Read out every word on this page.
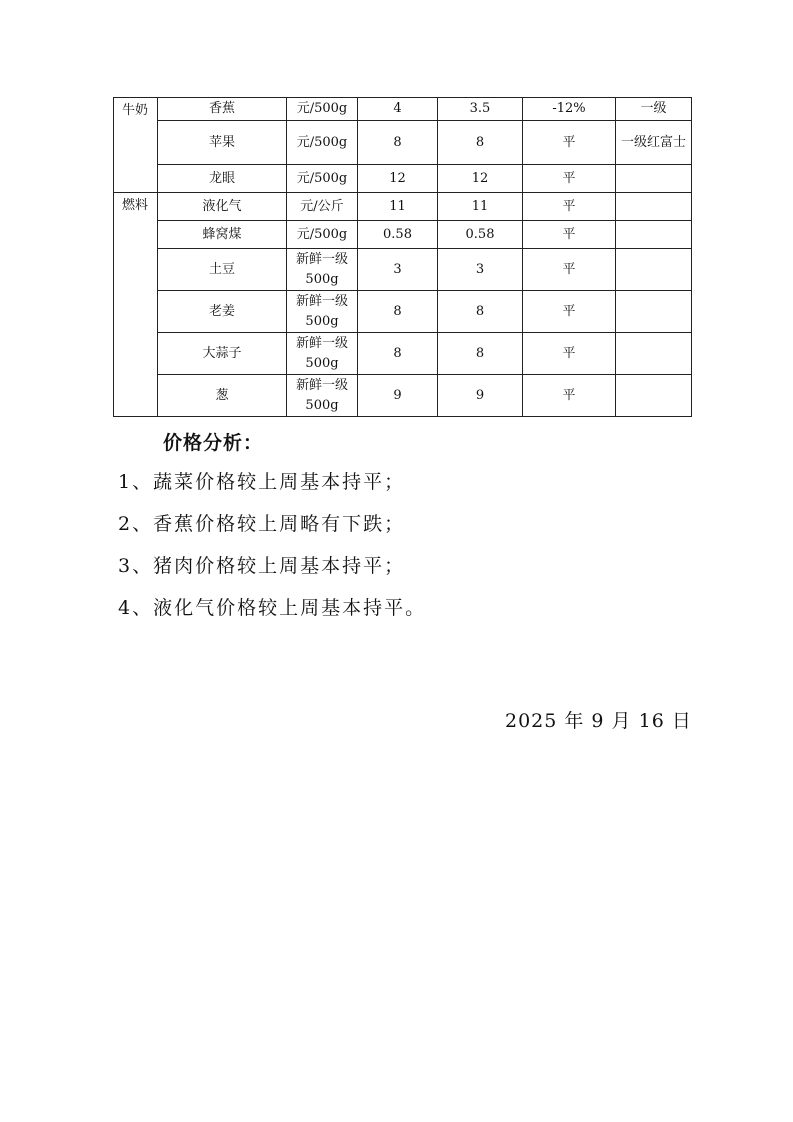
牛奶	香蕉	元/500g	4	3.5	-12%	一级
	苹果	元/500g	8	8	平	一级红富士
	龙眼	元/500g	12	12	平	
燃料	液化气	元/公斤	11	11	平	
	蜂窝煤	元/500g	0.58	0.58	平	
	土豆	新鲜一级500g	3	3	平	
	老姜	新鲜一级500g	8	8	平	
	大蒜子	新鲜一级500g	8	8	平	
	葱	新鲜一级500g	9	9	平	
价格分析：
1、蔬菜价格较上周基本持平；
2、香蕉价格较上周略有下跌；
3、猪肉价格较上周基本持平；
4、液化气价格较上周基本持平。
2025 年 9 月 16 日
